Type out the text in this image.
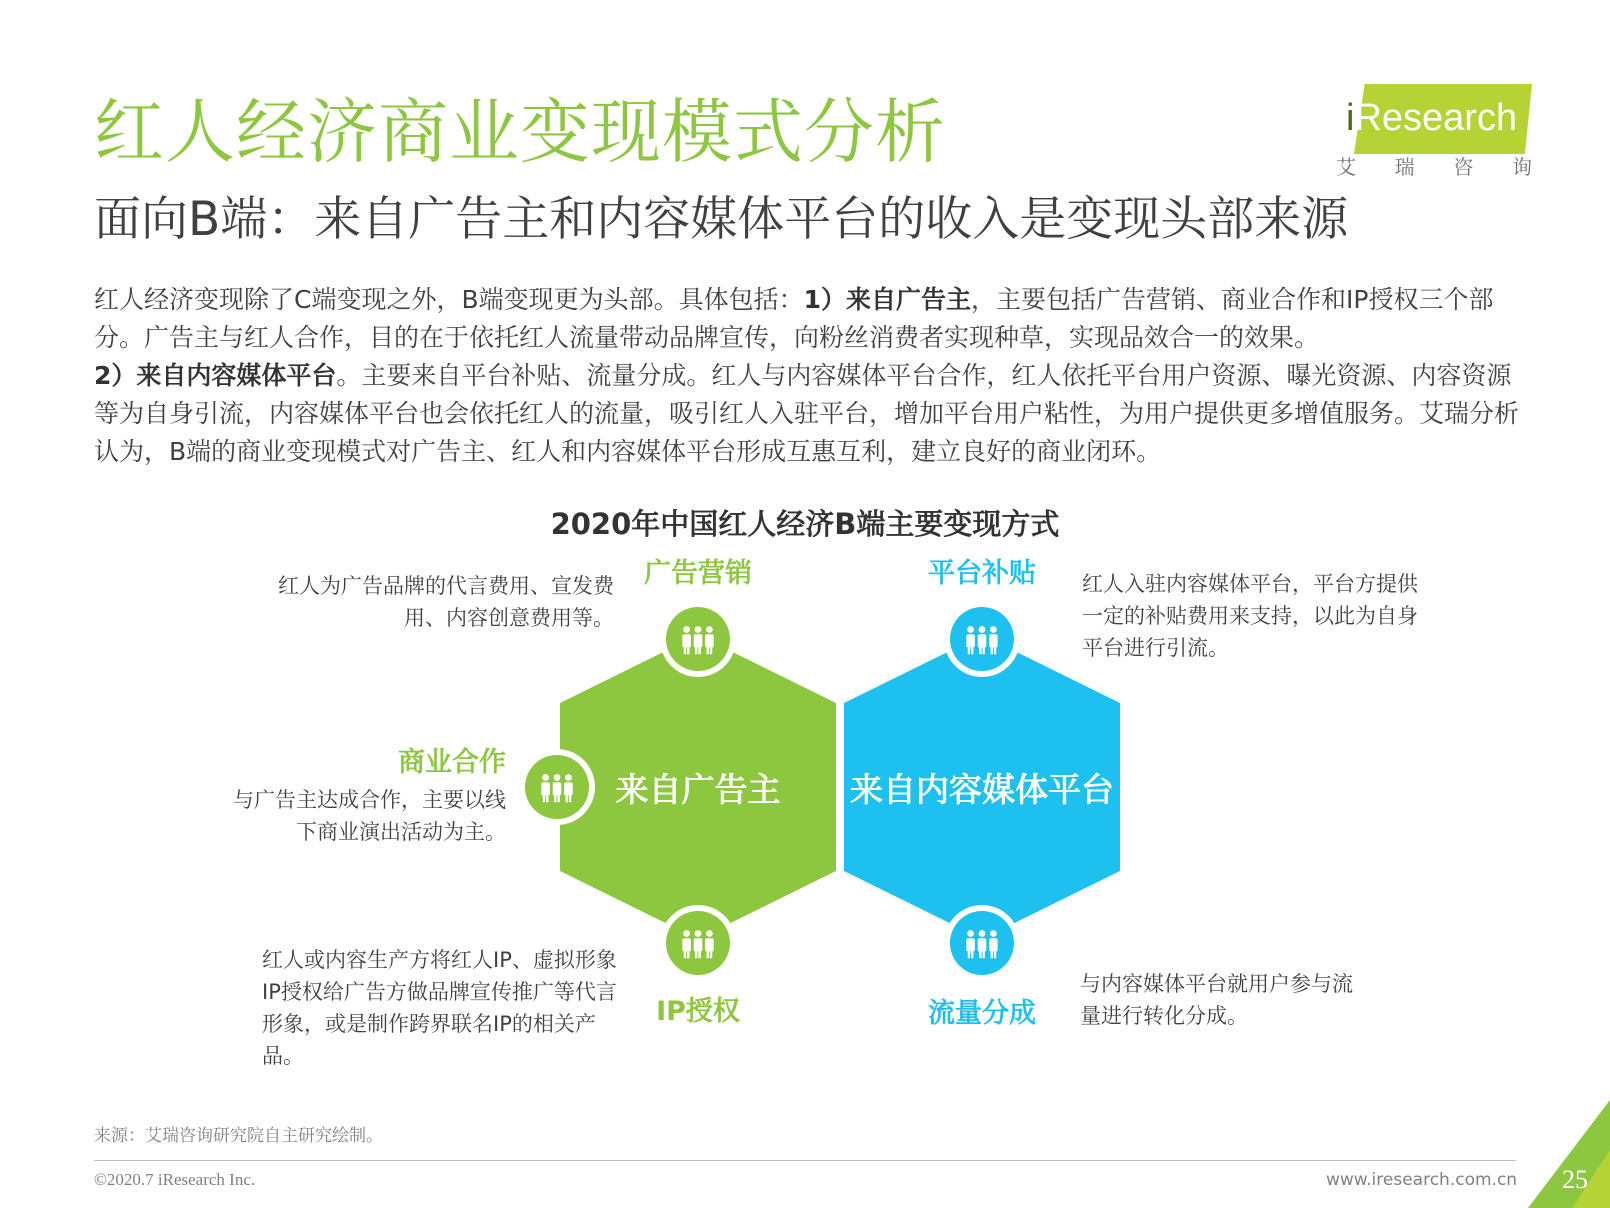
红人经济商业变现模式分析
面向B端：来自广告主和内容媒体平台的收入是变现头部来源
iResearch
艾 瑞 咨 询
红人经济变现除了C端变现之外，B端变现更为头部。具体包括：1）来自广告主，主要包括广告营销、商业合作和IP授权三个部分。广告主与红人合作，目的在于依托红人流量带动品牌宣传，向粉丝消费者实现种草，实现品效合一的效果。
2）来自内容媒体平台。主要来自平台补贴、流量分成。红人与内容媒体平台合作，红人依托平台用户资源、曝光资源、内容资源等为自身引流，内容媒体平台也会依托红人的流量，吸引红人入驻平台，增加平台用户粘性，为用户提供更多增值服务。艾瑞分析认为，B端的商业变现模式对广告主、红人和内容媒体平台形成互惠互利，建立良好的商业闭环。
2020年中国红人经济B端主要变现方式
来自广告主	来自内容媒体平台
广告营销
红人为广告品牌的代言费用、宣发费用、内容创意费用等。
商业合作
与广告主达成合作，主要以线下商业演出活动为主。
IP授权
红人或内容生产方将红人IP、虚拟形象IP授权给广告方做品牌宣传推广等代言形象，或是制作跨界联名IP的相关产品。
平台补贴 红人入驻内容媒体平台，平台方提供一定的补贴费用来支持，以此为自身平台进行引流。
流量分成
与内容媒体平台就用户参与流量进行转化分成。
来源：艾瑞咨询研究院自主研究绘制。
©2020.7 iResearch Inc.	www.iresearch.com.cn 25
